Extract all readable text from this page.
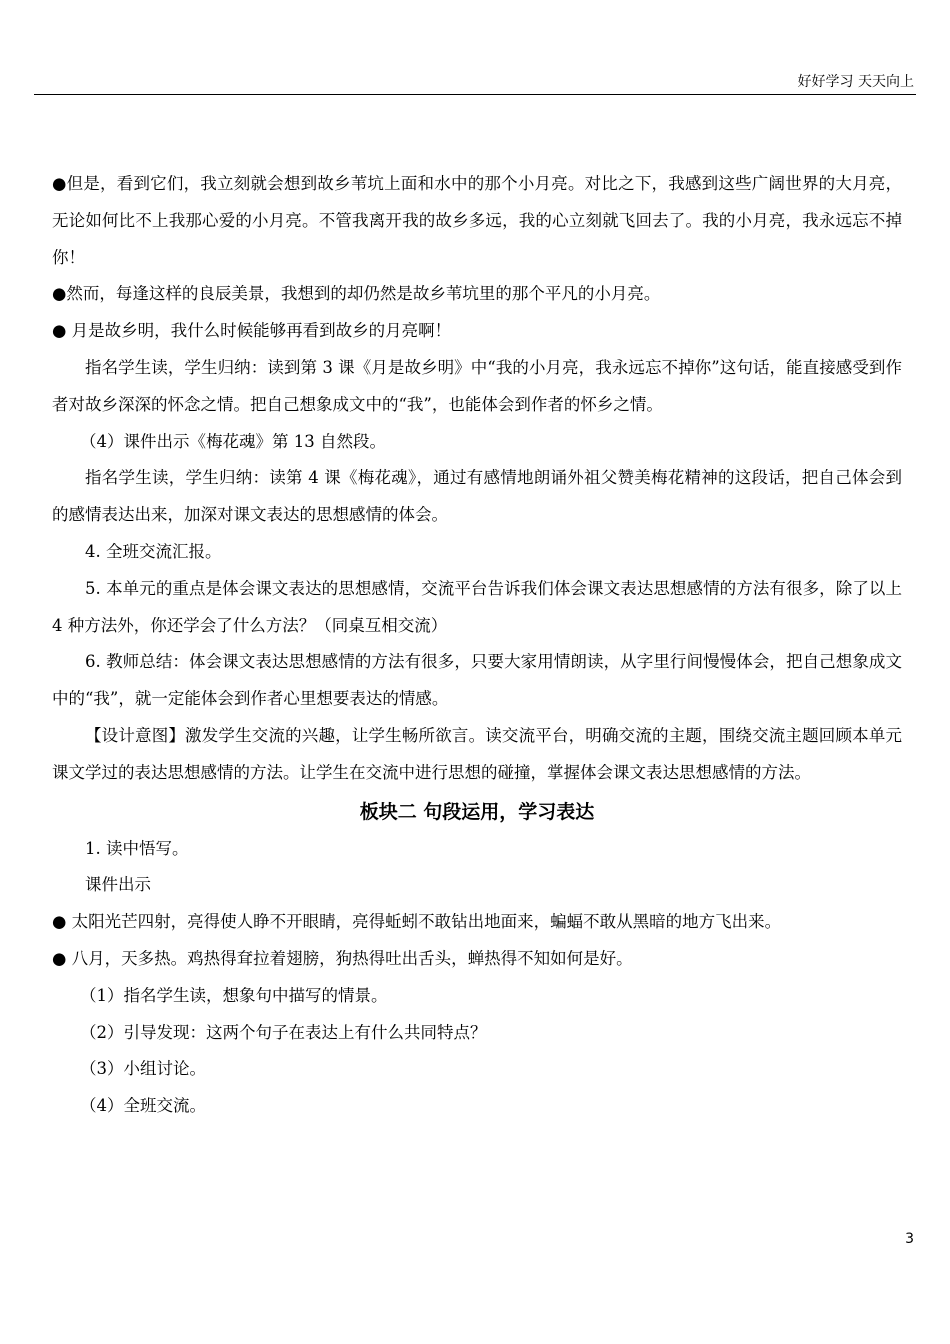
好好学习 天天向上

●但是，看到它们，我立刻就会想到故乡苇坑上面和水中的那个小月亮。对比之下，我感到这些广阔世界的大月亮，无论如何比不上我那心爱的小月亮。不管我离开我的故乡多远，我的心立刻就飞回去了。我的小月亮，我永远忘不掉你！

●然而，每逢这样的良辰美景，我想到的却仍然是故乡苇坑里的那个平凡的小月亮。

● 月是故乡明，我什么时候能够再看到故乡的月亮啊！

指名学生读，学生归纳：读到第 3 课《月是故乡明》中“我的小月亮，我永远忘不掉你”这句话，能直接感受到作者对故乡深深的怀念之情。把自己想象成文中的“我”，也能体会到作者的怀乡之情。

（4）课件出示《梅花魂》第 13 自然段。

指名学生读，学生归纳：读第 4 课《梅花魂》，通过有感情地朗诵外祖父赞美梅花精神的这段话，把自己体会到的感情表达出来，加深对课文表达的思想感情的体会。

4. 全班交流汇报。

5. 本单元的重点是体会课文表达的思想感情，交流平台告诉我们体会课文表达思想感情的方法有很多，除了以上 4 种方法外，你还学会了什么方法？（同桌互相交流）

6. 教师总结：体会课文表达思想感情的方法有很多，只要大家用情朗读，从字里行间慢慢体会，把自己想象成文中的“我”，就一定能体会到作者心里想要表达的情感。

【设计意图】激发学生交流的兴趣，让学生畅所欲言。读交流平台，明确交流的主题，围绕交流主题回顾本单元课文学过的表达思想感情的方法。让学生在交流中进行思想的碰撞，掌握体会课文表达思想感情的方法。

板块二 句段运用，学习表达

1. 读中悟写。

课件出示

● 太阳光芒四射，亮得使人睁不开眼睛，亮得蚯蚓不敢钻出地面来，蝙蝠不敢从黑暗的地方飞出来。

● 八月，天多热。鸡热得耷拉着翅膀，狗热得吐出舌头，蝉热得不知如何是好。

（1）指名学生读，想象句中描写的情景。

（2）引导发现：这两个句子在表达上有什么共同特点？

（3）小组讨论。

（4）全班交流。

3
